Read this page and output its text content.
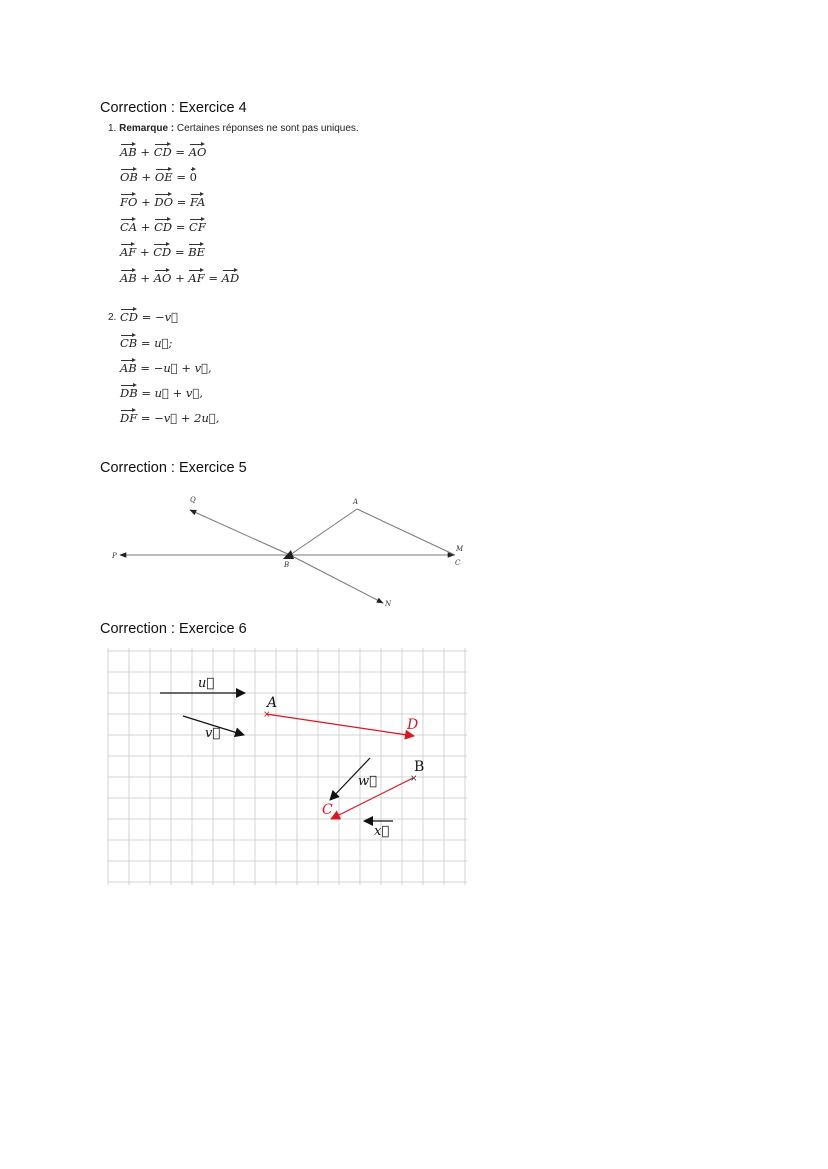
Correction : Exercice 4
1. Remarque : Certaines réponses ne sont pas uniques.
AB + CD = AO
OB + OE = 0
FO + DO = FA
CA + CD = CF
AF + CD = BE
AB + AO + AF = AD
2. CD = −v⃗
CB = u⃗;
AB = −u⃗ + v⃗,
DB = u⃗ + v⃗,
DF = −v⃗ + 2u⃗,
Correction : Exercice 5
Q	A
P
B
M
C
N
Correction : Exercice 6
×
×
u⃗
v⃗
w⃗
x⃗
A
B
C
D
